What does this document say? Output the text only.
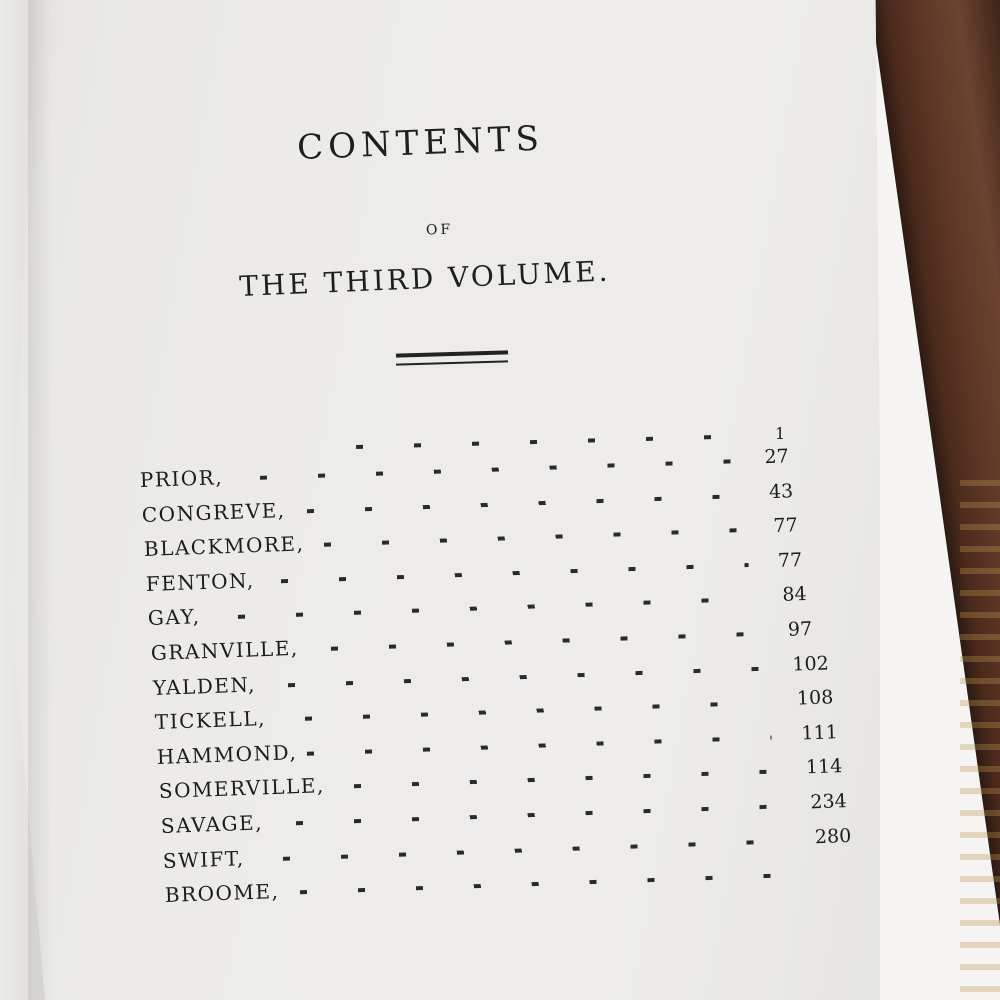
CONTENTS
OF
THE THIRD VOLUME.
1
PRIOR,
27
CONGREVE,
43
BLACKMORE,
77
FENTON,
77
GAY,
84
GRANVILLE,
97
YALDEN,
102
TICKELL,
108
HAMMOND,
111
SOMERVILLE,
114
SAVAGE,
234
SWIFT,
280
BROOME,
